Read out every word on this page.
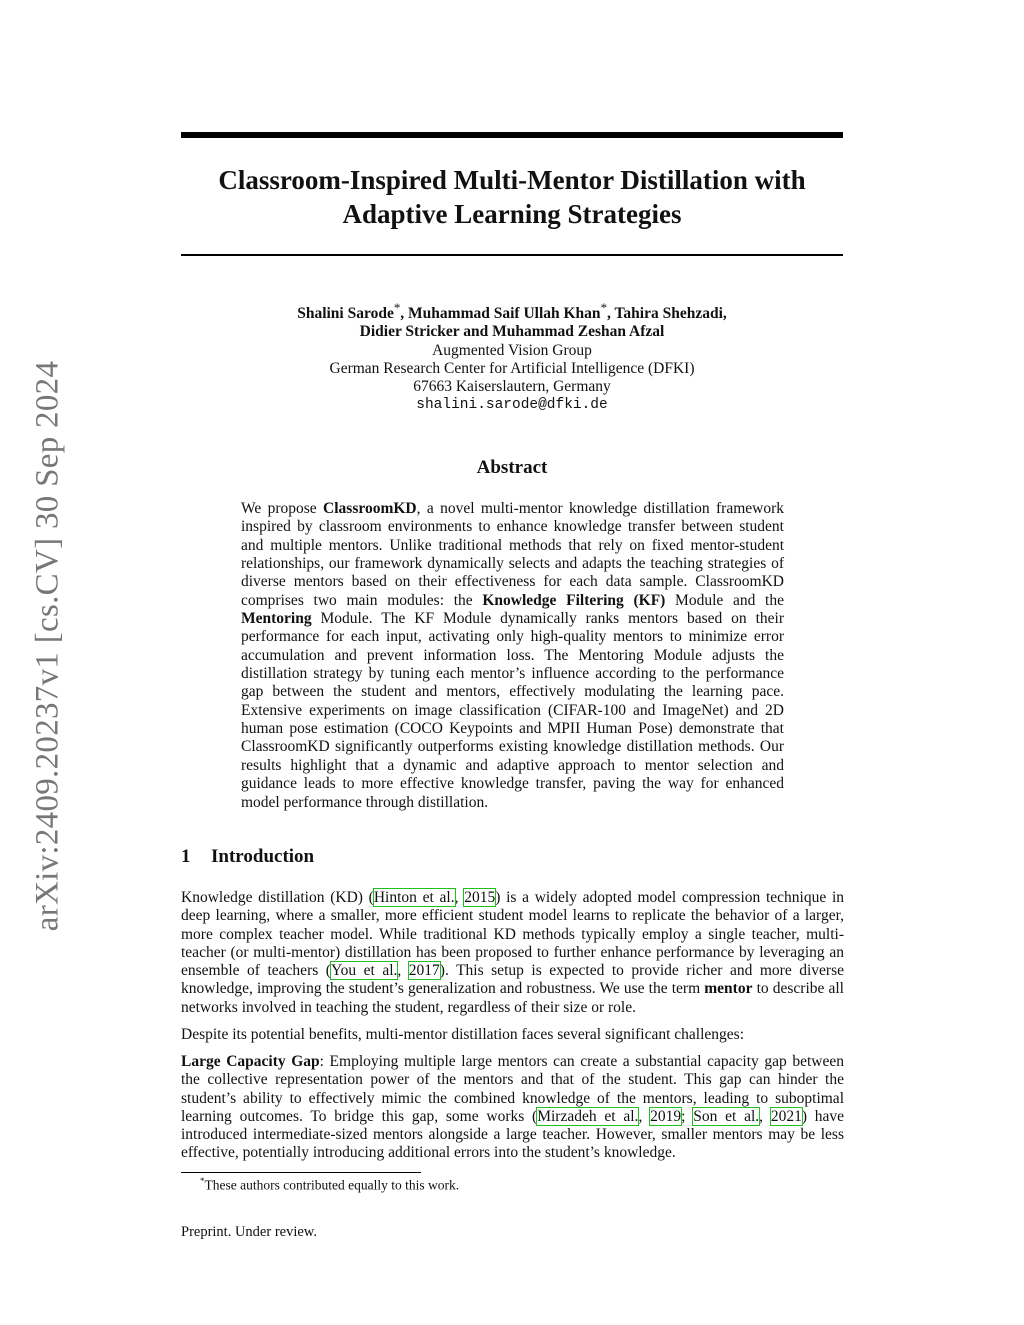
arXiv:2409.20237v1 [cs.CV] 30 Sep 2024
Classroom-Inspired Multi-Mentor Distillation with Adaptive Learning Strategies
Shalini Sarode*, Muhammad Saif Ullah Khan*, Tahira Shehzadi,
Didier Stricker and Muhammad Zeshan Afzal
Augmented Vision Group
German Research Center for Artificial Intelligence (DFKI)
67663 Kaiserslautern, Germany
shalini.sarode@dfki.de
Abstract

We propose ClassroomKD, a novel multi-mentor knowledge distillation framework inspired by classroom environments to enhance knowledge transfer between student and multiple mentors. Unlike traditional methods that rely on fixed mentor-student relationships, our framework dynamically selects and adapts the teaching strategies of diverse mentors based on their effectiveness for each data sample. ClassroomKD comprises two main modules: the Knowledge Filtering (KF) Module and the Mentoring Module. The KF Module dynamically ranks mentors based on their performance for each input, activating only high-quality mentors to minimize error accumulation and prevent information loss. The Mentoring Module adjusts the distillation strategy by tuning each mentor’s influence according to the performance gap between the student and mentors, effectively modulating the learning pace. Extensive experiments on image classification (CIFAR-100 and ImageNet) and 2D human pose estimation (COCO Keypoints and MPII Human Pose) demonstrate that ClassroomKD significantly outperforms existing knowledge distillation methods. Our results highlight that a dynamic and adaptive approach to mentor selection and guidance leads to more effective knowledge transfer, paving the way for enhanced model performance through distillation.

1 Introduction

Knowledge distillation (KD) (Hinton et al., 2015) is a widely adopted model compression technique in deep learning, where a smaller, more efficient student model learns to replicate the behavior of a larger, more complex teacher model. While traditional KD methods typically employ a single teacher, multi-teacher (or multi-mentor) distillation has been proposed to further enhance performance by leveraging an ensemble of teachers (You et al., 2017). This setup is expected to provide richer and more diverse knowledge, improving the student’s generalization and robustness. We use the term mentor to describe all networks involved in teaching the student, regardless of their size or role.

Despite its potential benefits, multi-mentor distillation faces several significant challenges:

Large Capacity Gap: Employing multiple large mentors can create a substantial capacity gap between the collective representation power of the mentors and that of the student. This gap can hinder the student’s ability to effectively mimic the combined knowledge of the mentors, leading to suboptimal learning outcomes. To bridge this gap, some works (Mirzadeh et al., 2019; Son et al., 2021) have introduced intermediate-sized mentors alongside a large teacher. However, smaller mentors may be less effective, potentially introducing additional errors into the student’s knowledge.

*These authors contributed equally to this work.
Preprint. Under review.
